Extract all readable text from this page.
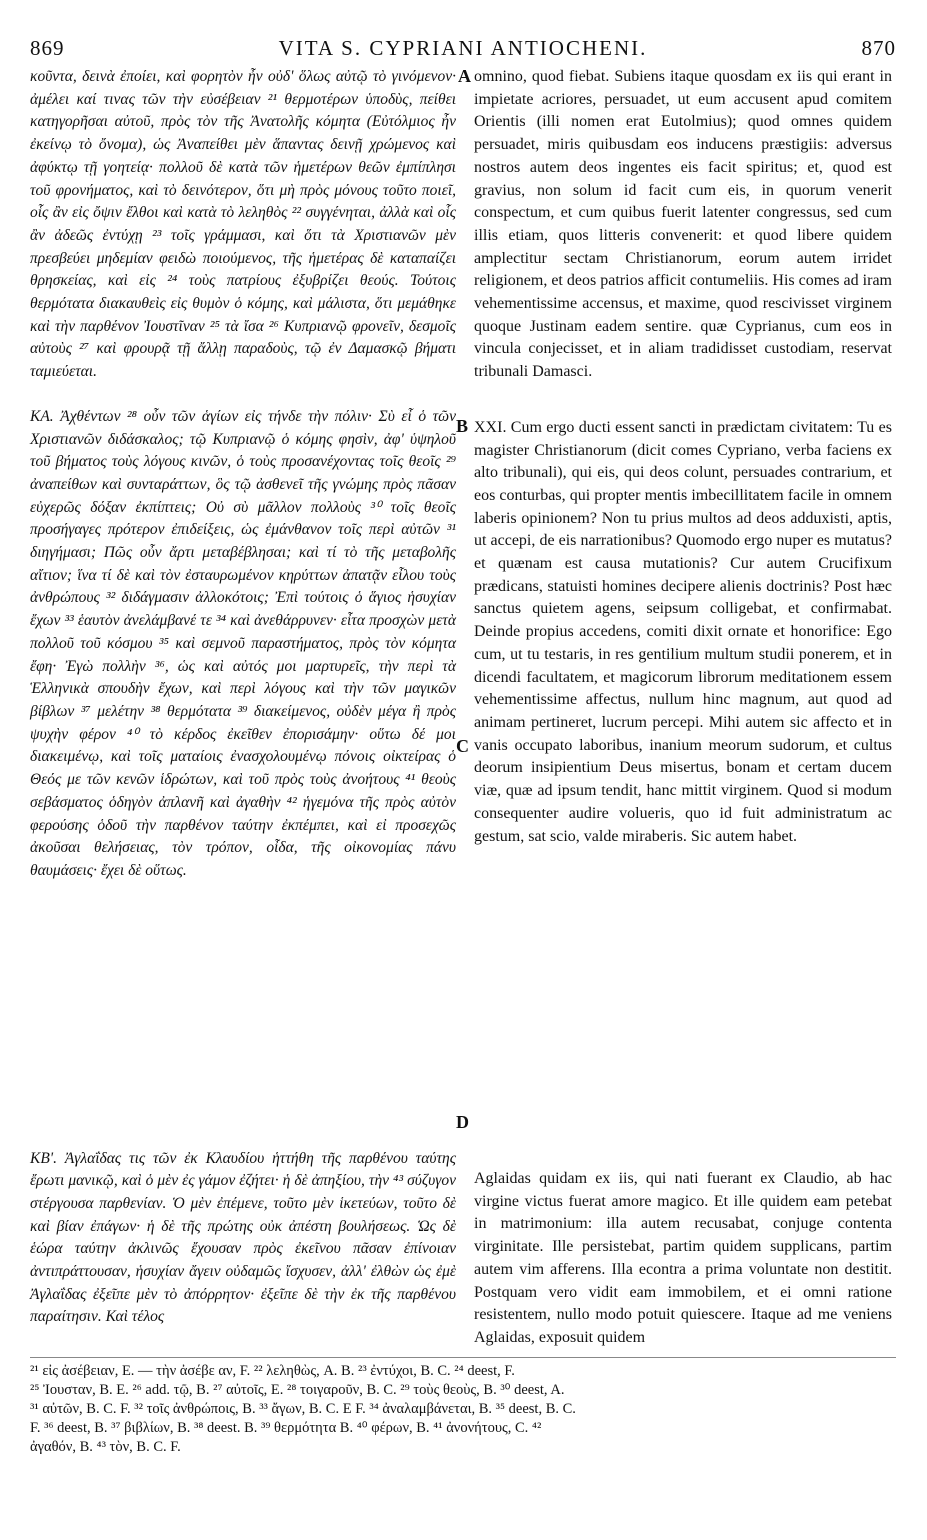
869	VITA S. CYPRIANI ANTIOCHENI.	870

κοῦντα, δεινὰ ἐποίει, καὶ φορητὸν ἦν οὐδ' ὅλως αὐτῷ τὸ γινόμενον· ἀμέλει καί τινας τῶν τὴν εὐσέβειαν ²¹ θερμοτέρων ὑποδὺς, πείθει κατηγορῆσαι αὐτοῦ, πρὸς τὸν τῆς Ἀνατολῆς κόμητα (Εὐτόλμιος ἦν ἐκείνῳ τὸ ὄνομα), ὡς Ἀναπείθει μὲν ἅπαντας δεινῇ χρώμενος καὶ ἀφύκτῳ τῇ γοητείᾳ· πολλοῦ δὲ κατὰ τῶν ἡμετέρων θεῶν ἐμπίπλησι τοῦ φρονήματος, καὶ τὸ δεινότερον, ὅτι μὴ πρὸς μόνους τοῦτο ποιεῖ, οἷς ἂν εἰς ὄψιν ἔλθοι καὶ κατὰ τὸ λεληθὸς ²² συγγένηται, ἀλλὰ καὶ οἷς ἂν ἀδεῶς ἐντύχῃ ²³ τοῖς γράμμασι, καὶ ὅτι τὰ Χριστιανῶν μὲν πρεσβεύει μηδεμίαν φειδὼ ποιούμενος, τῆς ἡμετέρας δὲ καταπαίζει θρησκείας, καὶ εἰς ²⁴ τοὺς πατρίους ἐξυβρίζει θεούς. Τούτοις θερμότατα διακαυθεὶς εἰς θυμὸν ὁ κόμης, καὶ μάλιστα, ὅτι μεμάθηκε καὶ τὴν παρθένον Ἰουστῖναν ²⁵ τὰ ἴσα ²⁶ Κυπριανῷ φρονεῖν, δεσμοῖς αὐτοὺς ²⁷ καὶ φρουρᾷ τῇ ἄλλῃ παραδοὺς, τῷ ἐν Δαμασκῷ βήματι ταμιεύεται.

ΚΑ. Ἀχθέντων ²⁸ οὖν τῶν ἁγίων εἰς τήνδε τὴν πόλιν· Σὺ εἶ ὁ τῶν Χριστιανῶν διδάσκαλος; τῷ Κυπριανῷ ὁ κόμης φησὶν, ἀφ' ὑψηλοῦ τοῦ βήματος τοὺς λόγους κινῶν, ὁ τοὺς προσανέχοντας τοῖς θεοῖς ²⁹ ἀναπείθων καὶ συνταράττων, ὃς τῷ ἀσθενεῖ τῆς γνώμης πρὸς πᾶσαν εὐχερῶς δόξαν ἐκπίπτεις; Οὐ σὺ μᾶλλον πολλοὺς ³⁰ τοῖς θεοῖς προσήγαγες πρότερον ἐπιδείξεις, ὡς ἐμάνθανον τοῖς περὶ αὐτῶν ³¹ διηγήμασι; Πῶς οὖν ἄρτι μεταβέβλησαι; καὶ τί τὸ τῆς μεταβολῆς αἴτιον; ἵνα τί δὲ καὶ τὸν ἐσταυρωμένον κηρύττων ἀπατᾷν εἶλου τοὺς ἀνθρώπους ³² διδάγμασιν ἀλλοκότοις; Ἐπὶ τούτοις ὁ ἅγιος ἡσυχίαν ἔχων ³³ ἑαυτὸν ἀνελάμβανέ τε ³⁴ καὶ ἀνεθάρρυνεν· εἶτα προσχὼν μετὰ πολλοῦ τοῦ κόσμου ³⁵ καὶ σεμνοῦ παραστήματος, πρὸς τὸν κόμητα ἔφη· Ἐγὼ πολλὴν ³⁶, ὡς καὶ αὐτός μοι μαρτυρεῖς, τὴν περὶ τὰ Ἑλληνικὰ σπουδὴν ἔχων, καὶ περὶ λόγους καὶ τὴν τῶν μαγικῶν βίβλων ³⁷ μελέτην ³⁸ θερμότατα ³⁹ διακείμενος, οὐδὲν μέγα ἢ πρὸς ψυχὴν φέρον ⁴⁰ τὸ κέρδος ἐκεῖθεν ἐπορισάμην· οὕτω δέ μοι διακειμένῳ, καὶ τοῖς ματαίοις ἐνασχολουμένῳ πόνοις οἰκτείρας ὁ Θεός με τῶν κενῶν ἱδρώτων, καὶ τοῦ πρὸς τοὺς ἀνοήτους ⁴¹ θεοὺς σεβάσματος ὁδηγὸν ἀπλανῆ καὶ ἀγαθὴν ⁴² ἡγεμόνα τῆς πρὸς αὐτὸν φερούσης ὁδοῦ τὴν παρθένον ταύτην ἐκπέμπει, καὶ εἰ προσεχῶς ἀκοῦσαι θελήσειας, τὸν τρόπον, οἶδα, τῆς οἰκονομίας πάνυ θαυμάσεις· ἔχει δὲ οὕτως.

ΚΒ'. Ἀγλαΐδας τις τῶν ἐκ Κλαυδίου ἡττήθη τῆς παρθένου ταύτης ἔρωτι μανικῷ, καὶ ὁ μὲν ἐς γάμον ἐζήτει· ἡ δὲ ἀπηξίου, τὴν ⁴³ σύζυγον στέργουσα παρθενίαν. Ὁ μὲν ἐπέμενε, τοῦτο μὲν ἱκετεύων, τοῦτο δὲ καὶ βίαν ἐπάγων· ἡ δὲ τῆς πρώτης οὐκ ἀπέστη βουλήσεως. Ὡς δὲ ἑώρα ταύτην ἀκλινῶς ἔχουσαν πρὸς ἐκεῖνου πᾶσαν ἐπίνοιαν ἀντιπράττουσαν, ἡσυχίαν ἄγειν οὐδαμῶς ἴσχυσεν, ἀλλ' ἐλθὼν ὡς ἐμὲ Ἀγλαΐδας ἐξεῖπε μὲν τὸ ἀπόρρητον· ἐξεῖπε δὲ τὴν ἐκ τῆς παρθένου παραίτησιν. Καὶ τέλος

A
B
C
D

omnino, quod fiebat. Subiens itaque quosdam ex iis qui erant in impietate acriores, persuadet, ut eum accusent apud comitem Orientis (illi nomen erat Eutolmius); quod omnes quidem persuadet, miris quibusdam eos inducens præstigiis: adversus nostros autem deos ingentes eis facit spiritus; et, quod est gravius, non solum id facit cum eis, in quorum venerit conspectum, et cum quibus fuerit latenter congressus, sed cum illis etiam, quos litteris convenerit: et quod libere quidem amplectitur sectam Christianorum, eorum autem irridet religionem, et deos patrios afficit contumeliis. His comes ad iram vehementissime accensus, et maxime, quod rescivisset virginem quoque Justinam eadem sentire. quæ Cyprianus, cum eos in vincula conjecisset, et in aliam tradidisset custodiam, reservat tribunali Damasci.

XXI. Cum ergo ducti essent sancti in prædictam civitatem: Tu es magister Christianorum (dicit comes Cypriano, verba faciens ex alto tribunali), qui eis, qui deos colunt, persuades contrarium, et eos conturbas, qui propter mentis imbecillitatem facile in omnem laberis opinionem? Non tu prius multos ad deos adduxisti, aptis, ut accepi, de eis narrationibus? Quomodo ergo nuper es mutatus? et quænam est causa mutationis? Cur autem Crucifixum prædicans, statuisti homines decipere alienis doctrinis? Post hæc sanctus quietem agens, seipsum colligebat, et confirmabat. Deinde propius accedens, comiti dixit ornate et honorifice: Ego cum, ut tu testaris, in res gentilium multum studii ponerem, et in dicendi facultatem, et magicorum librorum meditationem essem vehementissime affectus, nullum hinc magnum, aut quod ad animam pertineret, lucrum percepi. Mihi autem sic affecto et in vanis occupato laboribus, inanium meorum sudorum, et cultus deorum insipientium Deus misertus, bonam et certam ducem viæ, quæ ad ipsum tendit, hanc mittit virginem. Quod si modum consequenter audire volueris, quo id fuit administratum ac gestum, sat scio, valde miraberis. Sic autem habet.

Aglaidas quidam ex iis, qui nati fuerant ex Claudio, ab hac virgine victus fuerat amore magico. Et ille quidem eam petebat in matrimonium: illa autem recusabat, conjuge contenta virginitate. Ille persistebat, partim quidem supplicans, partim autem vim afferens. Illa econtra a prima voluntate non destitit. Postquam vero vidit eam immobilem, et ei omni ratione resistentem, nullo modo potuit quiescere. Itaque ad me veniens Aglaidas, exposuit quidem

²¹ εἰς ἀσέβειαν, E. — τὴν ἀσέβε αν, F. ²² λεληθὼς, A. B. ²³ ἐντύχοι, B. C. ²⁴ deest, F.

²⁵ Ἰουσταν, B. E. ²⁶ add. τῷ, B. ²⁷ αὐτοῖς, E. ²⁸ τοιγαροῦν, B. C. ²⁹ τοὺς θεοὺς, B. ³⁰ deest, A.

³¹ αὐτῶν, B. C. F. ³² τοῖς ἀνθρώποις, B. ³³ ἄγων, B. C. E F. ³⁴ ἀναλαμβάνεται, B. ³⁵ deest, B. C.

F. ³⁶ deest, B. ³⁷ βιβλίων, B. ³⁸ deest. B. ³⁹ θερμότητα B. ⁴⁰ φέρων, B. ⁴¹ ἀνονήτους, C. ⁴²

ἀγαθόν, B. ⁴³ τὸν, B. C. F.
